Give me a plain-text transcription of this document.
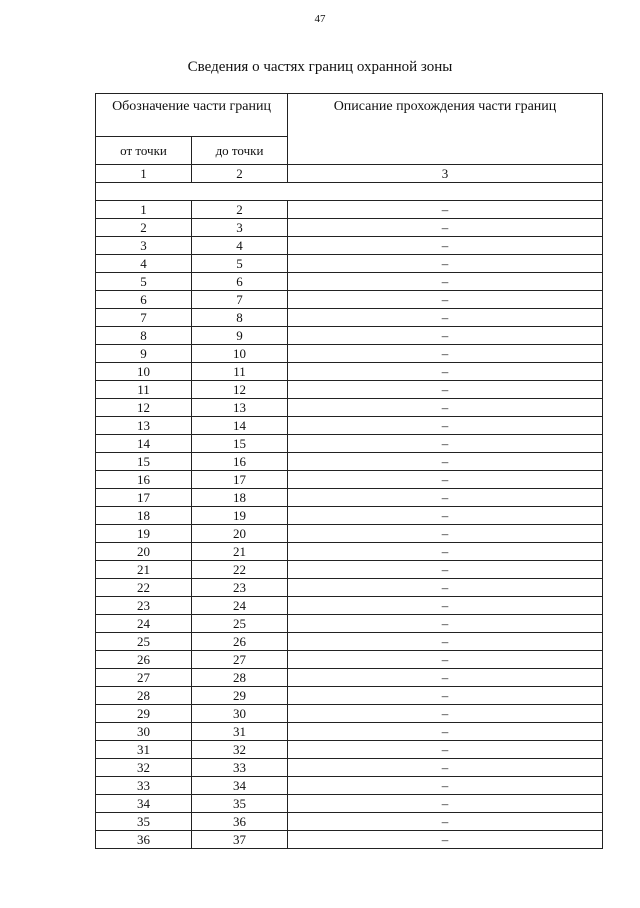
47
Сведения о частях границ охранной зоны
Обозначение части границ		Описание прохождения части границ
от точки	до точки	
1	2	3

1	2	–
2	3	–
3	4	–
4	5	–
5	6	–
6	7	–
7	8	–
8	9	–
9	10	–
10	11	–
11	12	–
12	13	–
13	14	–
14	15	–
15	16	–
16	17	–
17	18	–
18	19	–
19	20	–
20	21	–
21	22	–
22	23	–
23	24	–
24	25	–
25	26	–
26	27	–
27	28	–
28	29	–
29	30	–
30	31	–
31	32	–
32	33	–
33	34	–
34	35	–
35	36	–
36	37	–
